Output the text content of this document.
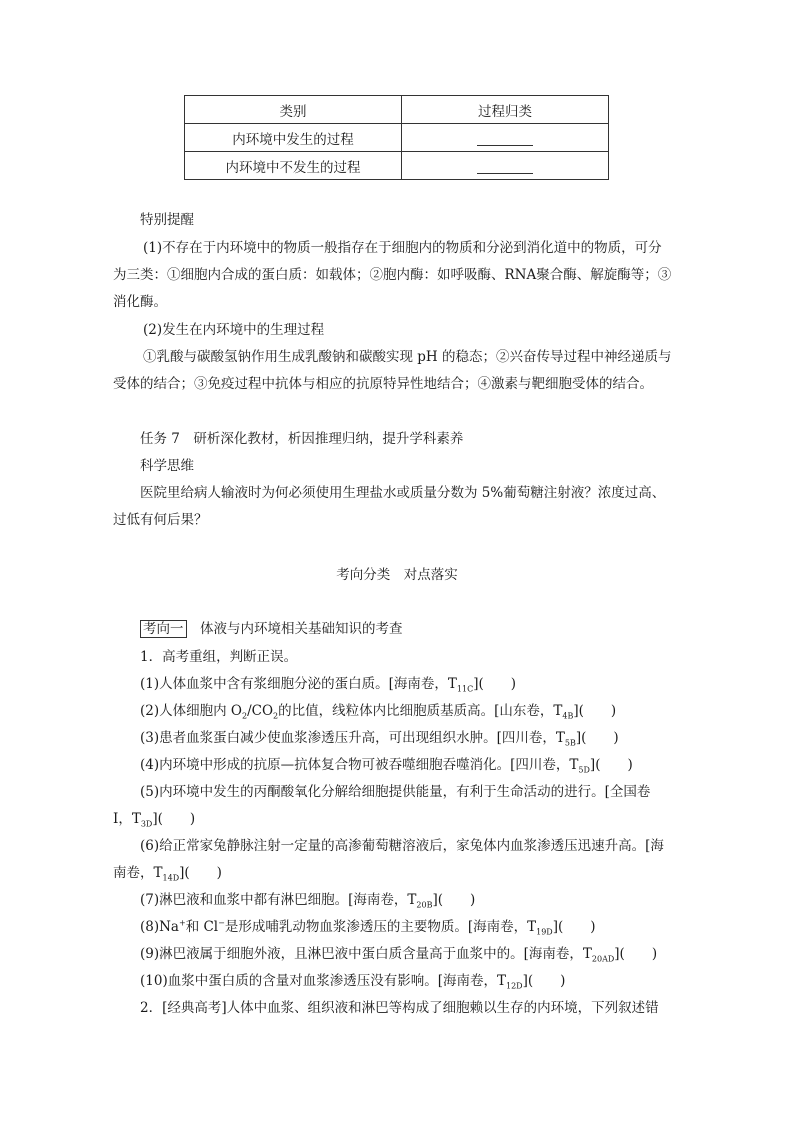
类别	过程归类
内环境中发生的过程	
内环境中不发生的过程	
特别提醒
(1)不存在于内环境中的物质一般指存在于细胞内的物质和分泌到消化道中的物质，可分
为三类：①细胞内合成的蛋白质：如载体；②胞内酶：如呼吸酶、RNA聚合酶、解旋酶等；③
消化酶。
(2)发生在内环境中的生理过程
①乳酸与碳酸氢钠作用生成乳酸钠和碳酸实现 pH 的稳态；②兴奋传导过程中神经递质与
受体的结合；③免疫过程中抗体与相应的抗原特异性地结合；④激素与靶细胞受体的结合。
任务 7　研析深化教材，析因推理归纳，提升学科素养
科学思维
医院里给病人输液时为何必须使用生理盐水或质量分数为 5%葡萄糖注射液？浓度过高、
过低有何后果？
考向分类　对点落实
考向一　 体液与内环境相关基础知识的考查
1．高考重组，判断正误。
(1)人体血浆中含有浆细胞分泌的蛋白质。[海南卷，$T_{11C}$](　　)
(2)人体细胞内 $O_2/CO_2$的比值，线粒体内比细胞质基质高。[山东卷，$T_{4B}$](　　)
(3)患者血浆蛋白减少使血浆渗透压升高，可出现组织水肿。[四川卷，$T_{5B}$](　　)
(4)内环境中形成的抗原—抗体复合物可被吞噬细胞吞噬消化。[四川卷，$T_{5D}$](　　)
(5)内环境中发生的丙酮酸氧化分解给细胞提供能量，有利于生命活动的进行。[全国卷
Ⅰ，$T_{3D}$](　　)
(6)给正常家兔静脉注射一定量的高渗葡萄糖溶液后，家兔体内血浆渗透压迅速升高。[海
南卷，$T_{14D}$](　　)
(7)淋巴液和血浆中都有淋巴细胞。[海南卷，$T_{20B}$](　　)
(8)Na+和 Cl−是形成哺乳动物血浆渗透压的主要物质。[海南卷，$T_{19D}$](　　)
(9)淋巴液属于细胞外液，且淋巴液中蛋白质含量高于血浆中的。[海南卷，$T_{20AD}$](　　)
(10)血浆中蛋白质的含量对血浆渗透压没有影响。[海南卷，$T_{12D}$](　　)
2．[经典高考]人体中血浆、组织液和淋巴等构成了细胞赖以生存的内环境，下列叙述错
